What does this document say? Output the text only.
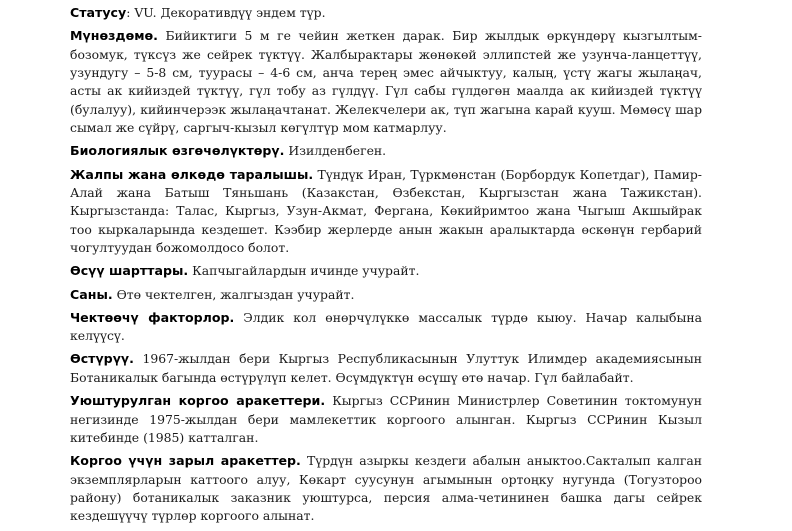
Статусу: VU. Декоративдүү эндем түр.

Мүнөздөмө. Бийиктиги 5 м ге чейин жеткен дарак. Бир жылдык өркүндөрү кызгылтым-бозомук, түксүз же сейрек түктүү. Жалбырактары жөнөкөй эллипстей же узунча-ланцеттүү, узундугу – 5-8 см, туурасы – 4-6 см, анча терең эмес айчыктуу, калың, үстү жагы жылаңач, асты ак кийиздей түктүү, гүл тобу аз гүлдүү. Гүл сабы гүлдөгөн маалда ак кийиздей түктүү (булалуу), кийинчерээк жылаңачтанат. Желекчелери ак, түп жагына карай кууш. Мөмөсү шар сымал же сүйрү, саргыч-кызыл көгүлтүр мом катмарлуу.

Биологиялык өзгөчөлүктөрү. Изилденбеген.

Жалпы жана өлкөдө таралышы. Түндүк Иран, Түркмөнстан (Борбордук Копетдаг), Памир-Алай жана Батыш Тяньшань (Казакстан, Өзбекстан, Кыргызстан жана Тажикстан). Кыргызстанда: Талас, Кыргыз, Узун-Акмат, Фергана, Көкийримтоо жана Чыгыш Акшыйрак тоо кыркаларында кездешет. Кээбир жерлерде анын жакын аралыктарда өскөнүн гербарий чогултуудан божомолдосо болот.

Өсүү шарттары. Капчыгайлардын ичинде учурайт.

Саны. Өтө чектелген, жалгыздан учурайт.

Чектөөчү факторлор. Элдик кол өнөрчүлүккө массалык түрдө кыюу. Начар калыбына келүүсү.

Өстүрүү. 1967-жылдан бери Кыргыз Республикасынын Улуттук Илимдер академиясынын Ботаникалык багында өстүрүлүп келет. Өсүмдүктүн өсүшү өтө начар. Гүл байлабайт.

Уюштурулган коргоо аракеттери. Кыргыз ССРинин Министрлер Советинин токтомунун негизинде 1975-жылдан бери мамлекеттик коргоого алынган. Кыргыз ССРинин Кызыл китебинде (1985) катталган.

Коргоо үчүн зарыл аракеттер. Түрдүн азыркы кездеги абалын аныктоо.Сакталып калган экземплярларын каттоого алуу, Көкарт суусунун агымынын ортоңку нугунда (Тогузтороо району) ботаникалык заказник уюштурса, персия алма-четининен башка дагы сейрек кездешүүчү түрлөр коргоого алынат.
